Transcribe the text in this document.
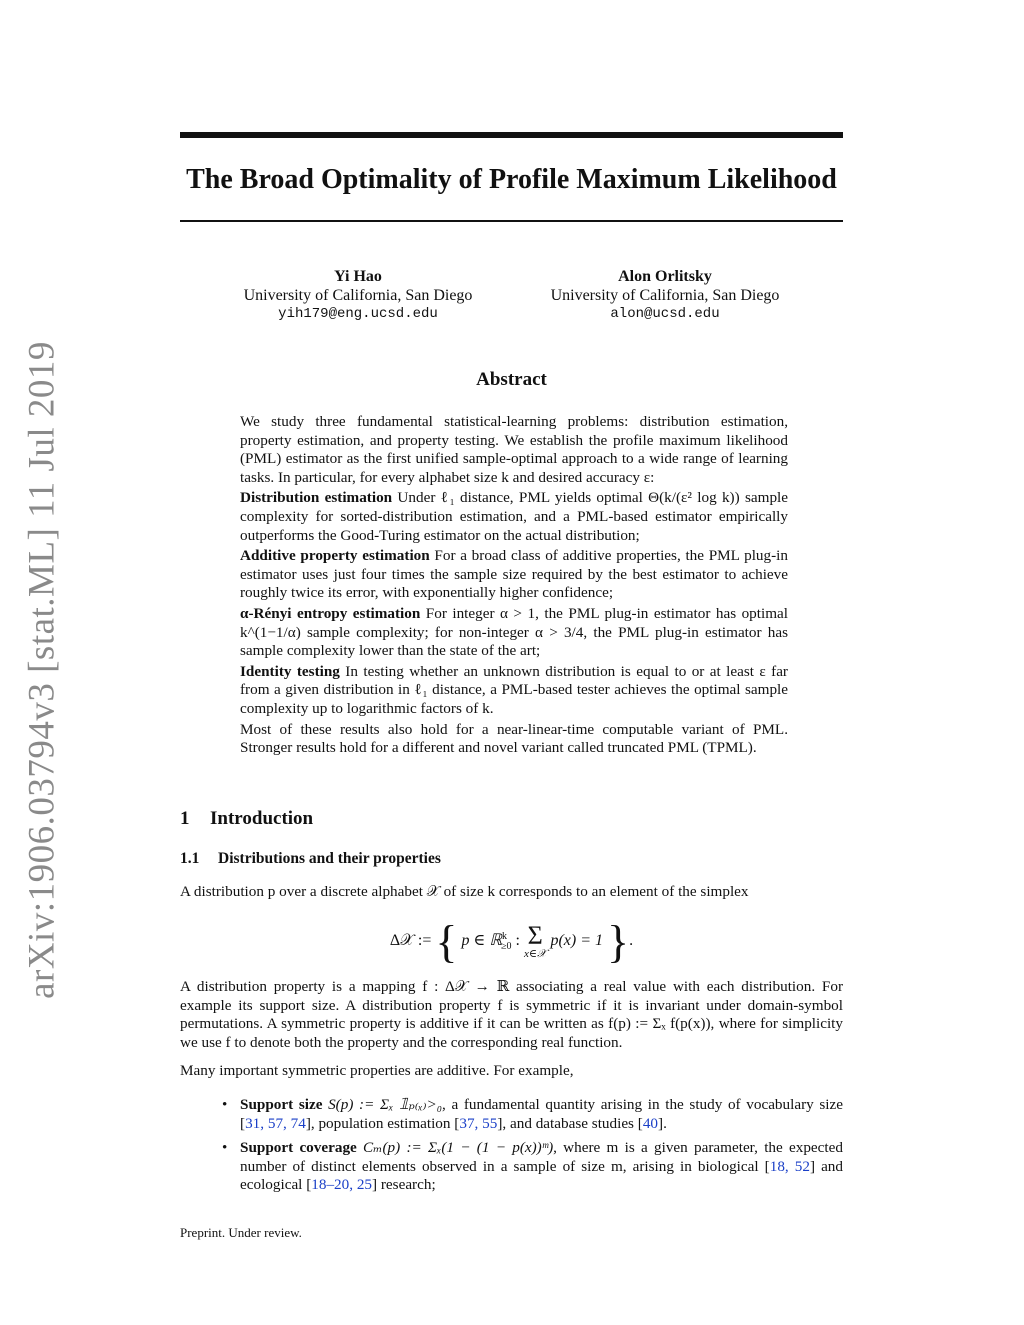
arXiv:1906.03794v3 [stat.ML] 11 Jul 2019
The Broad Optimality of Profile Maximum Likelihood
Yi Hao
University of California, San Diego
yih179@eng.ucsd.edu
Alon Orlitsky
University of California, San Diego
alon@ucsd.edu
Abstract

We study three fundamental statistical-learning problems: distribution estimation, property estimation, and property testing. We establish the profile maximum likelihood (PML) estimator as the first unified sample-optimal approach to a wide range of learning tasks. In particular, for every alphabet size k and desired accuracy ε:

Distribution estimation Under ℓ₁ distance, PML yields optimal Θ(k/(ε² log k)) sample complexity for sorted-distribution estimation, and a PML-based estimator empirically outperforms the Good-Turing estimator on the actual distribution;

Additive property estimation For a broad class of additive properties, the PML plug-in estimator uses just four times the sample size required by the best estimator to achieve roughly twice its error, with exponentially higher confidence;

α-Rényi entropy estimation For integer α > 1, the PML plug-in estimator has optimal k^(1−1/α) sample complexity; for non-integer α > 3/4, the PML plug-in estimator has sample complexity lower than the state of the art;

Identity testing In testing whether an unknown distribution is equal to or at least ε far from a given distribution in ℓ₁ distance, a PML-based tester achieves the optimal sample complexity up to logarithmic factors of k.

Most of these results also hold for a near-linear-time computable variant of PML. Stronger results hold for a different and novel variant called truncated PML (TPML).

1 Introduction
1.1 Distributions and their properties
A distribution p over a discrete alphabet 𝒳 of size k corresponds to an element of the simplex
Δ𝒳 := { p ∈ ℝ$^k_{\ge 0}$ : Σ
x∈𝒳
p(x) = 1 }.
A distribution property is a mapping f : Δ𝒳 → ℝ associating a real value with each distribution. For example its support size. A distribution property f is symmetric if it is invariant under domain-symbol permutations. A symmetric property is additive if it can be written as f(p) := Σₓ f(p(x)), where for simplicity we use f to denote both the property and the corresponding real function.
Many important symmetric properties are additive. For example,
• Support size S(p) := Σₓ 𝟙ₚ₍ₓ₎>₀, a fundamental quantity arising in the study of vocabulary size [31, 57, 74], population estimation [37, 55], and database studies [40].
• Support coverage Cₘ(p) := Σₓ(1 − (1 − p(x))ᵐ), where m is a given parameter, the expected number of distinct elements observed in a sample of size m, arising in biological [18, 52] and ecological [18–20, 25] research;
Preprint. Under review.
